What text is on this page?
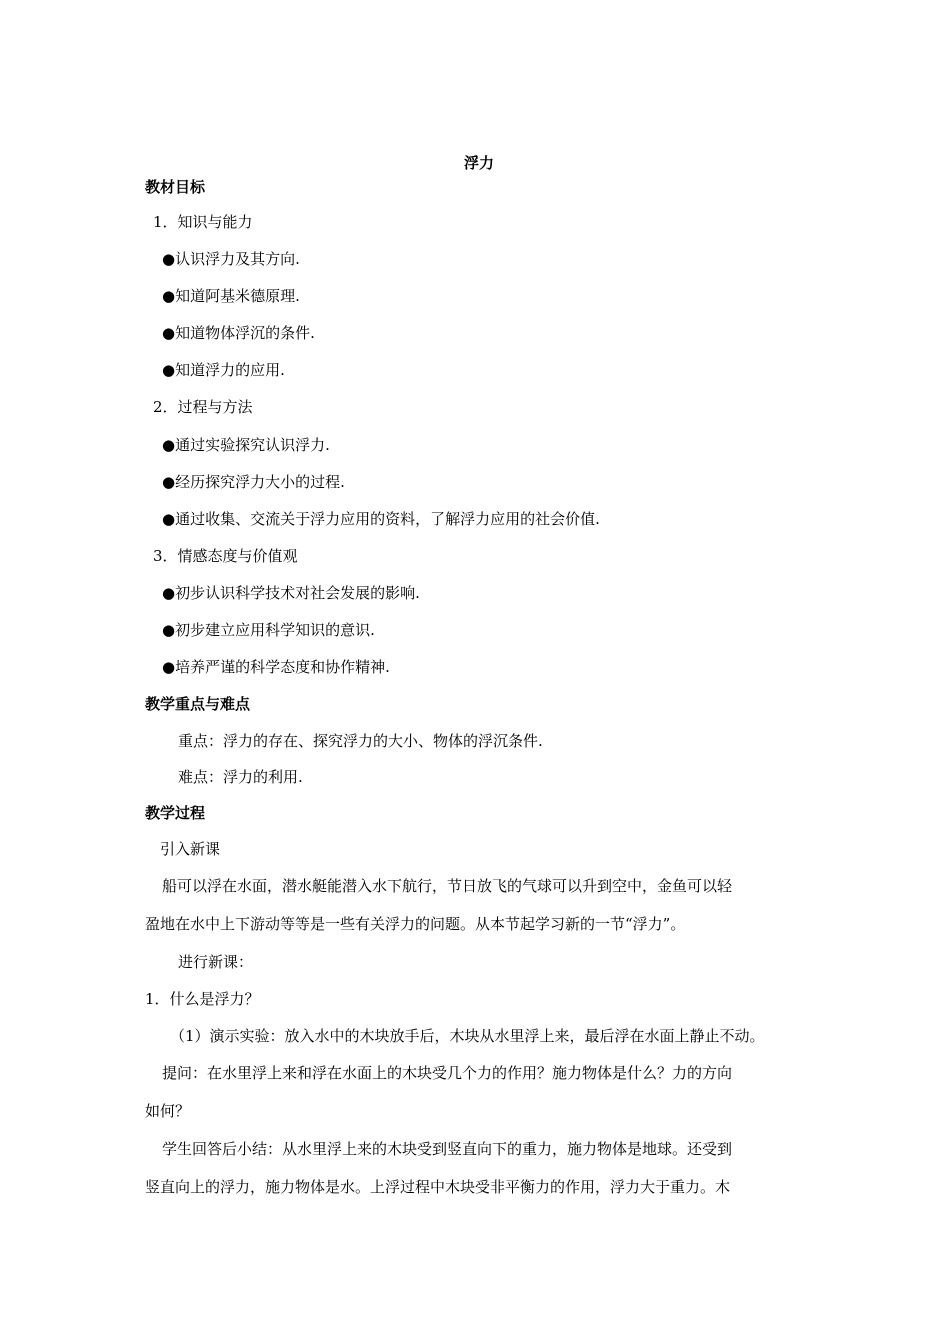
浮力
教材目标
1．知识与能力
●认识浮力及其方向.
●知道阿基米德原理.
●知道物体浮沉的条件.
●知道浮力的应用.
2．过程与方法
●通过实验探究认识浮力.
●经历探究浮力大小的过程.
●通过收集、交流关于浮力应用的资料，了解浮力应用的社会价值.
3．情感态度与价值观
●初步认识科学技术对社会发展的影响.
●初步建立应用科学知识的意识.
●培养严谨的科学态度和协作精神.
教学重点与难点
重点：浮力的存在、探究浮力的大小、物体的浮沉条件.
难点：浮力的利用.
教学过程
引入新课
船可以浮在水面，潜水艇能潜入水下航行，节日放飞的气球可以升到空中，金鱼可以轻
盈地在水中上下游动等等是一些有关浮力的问题。从本节起学习新的一节“浮力”。
进行新课：
1．什么是浮力？
（1）演示实验：放入水中的木块放手后，木块从水里浮上来，最后浮在水面上静止不动。
提问：在水里浮上来和浮在水面上的木块受几个力的作用？施力物体是什么？力的方向
如何？
学生回答后小结：从水里浮上来的木块受到竖直向下的重力，施力物体是地球。还受到
竖直向上的浮力，施力物体是水。上浮过程中木块受非平衡力的作用，浮力大于重力。木
